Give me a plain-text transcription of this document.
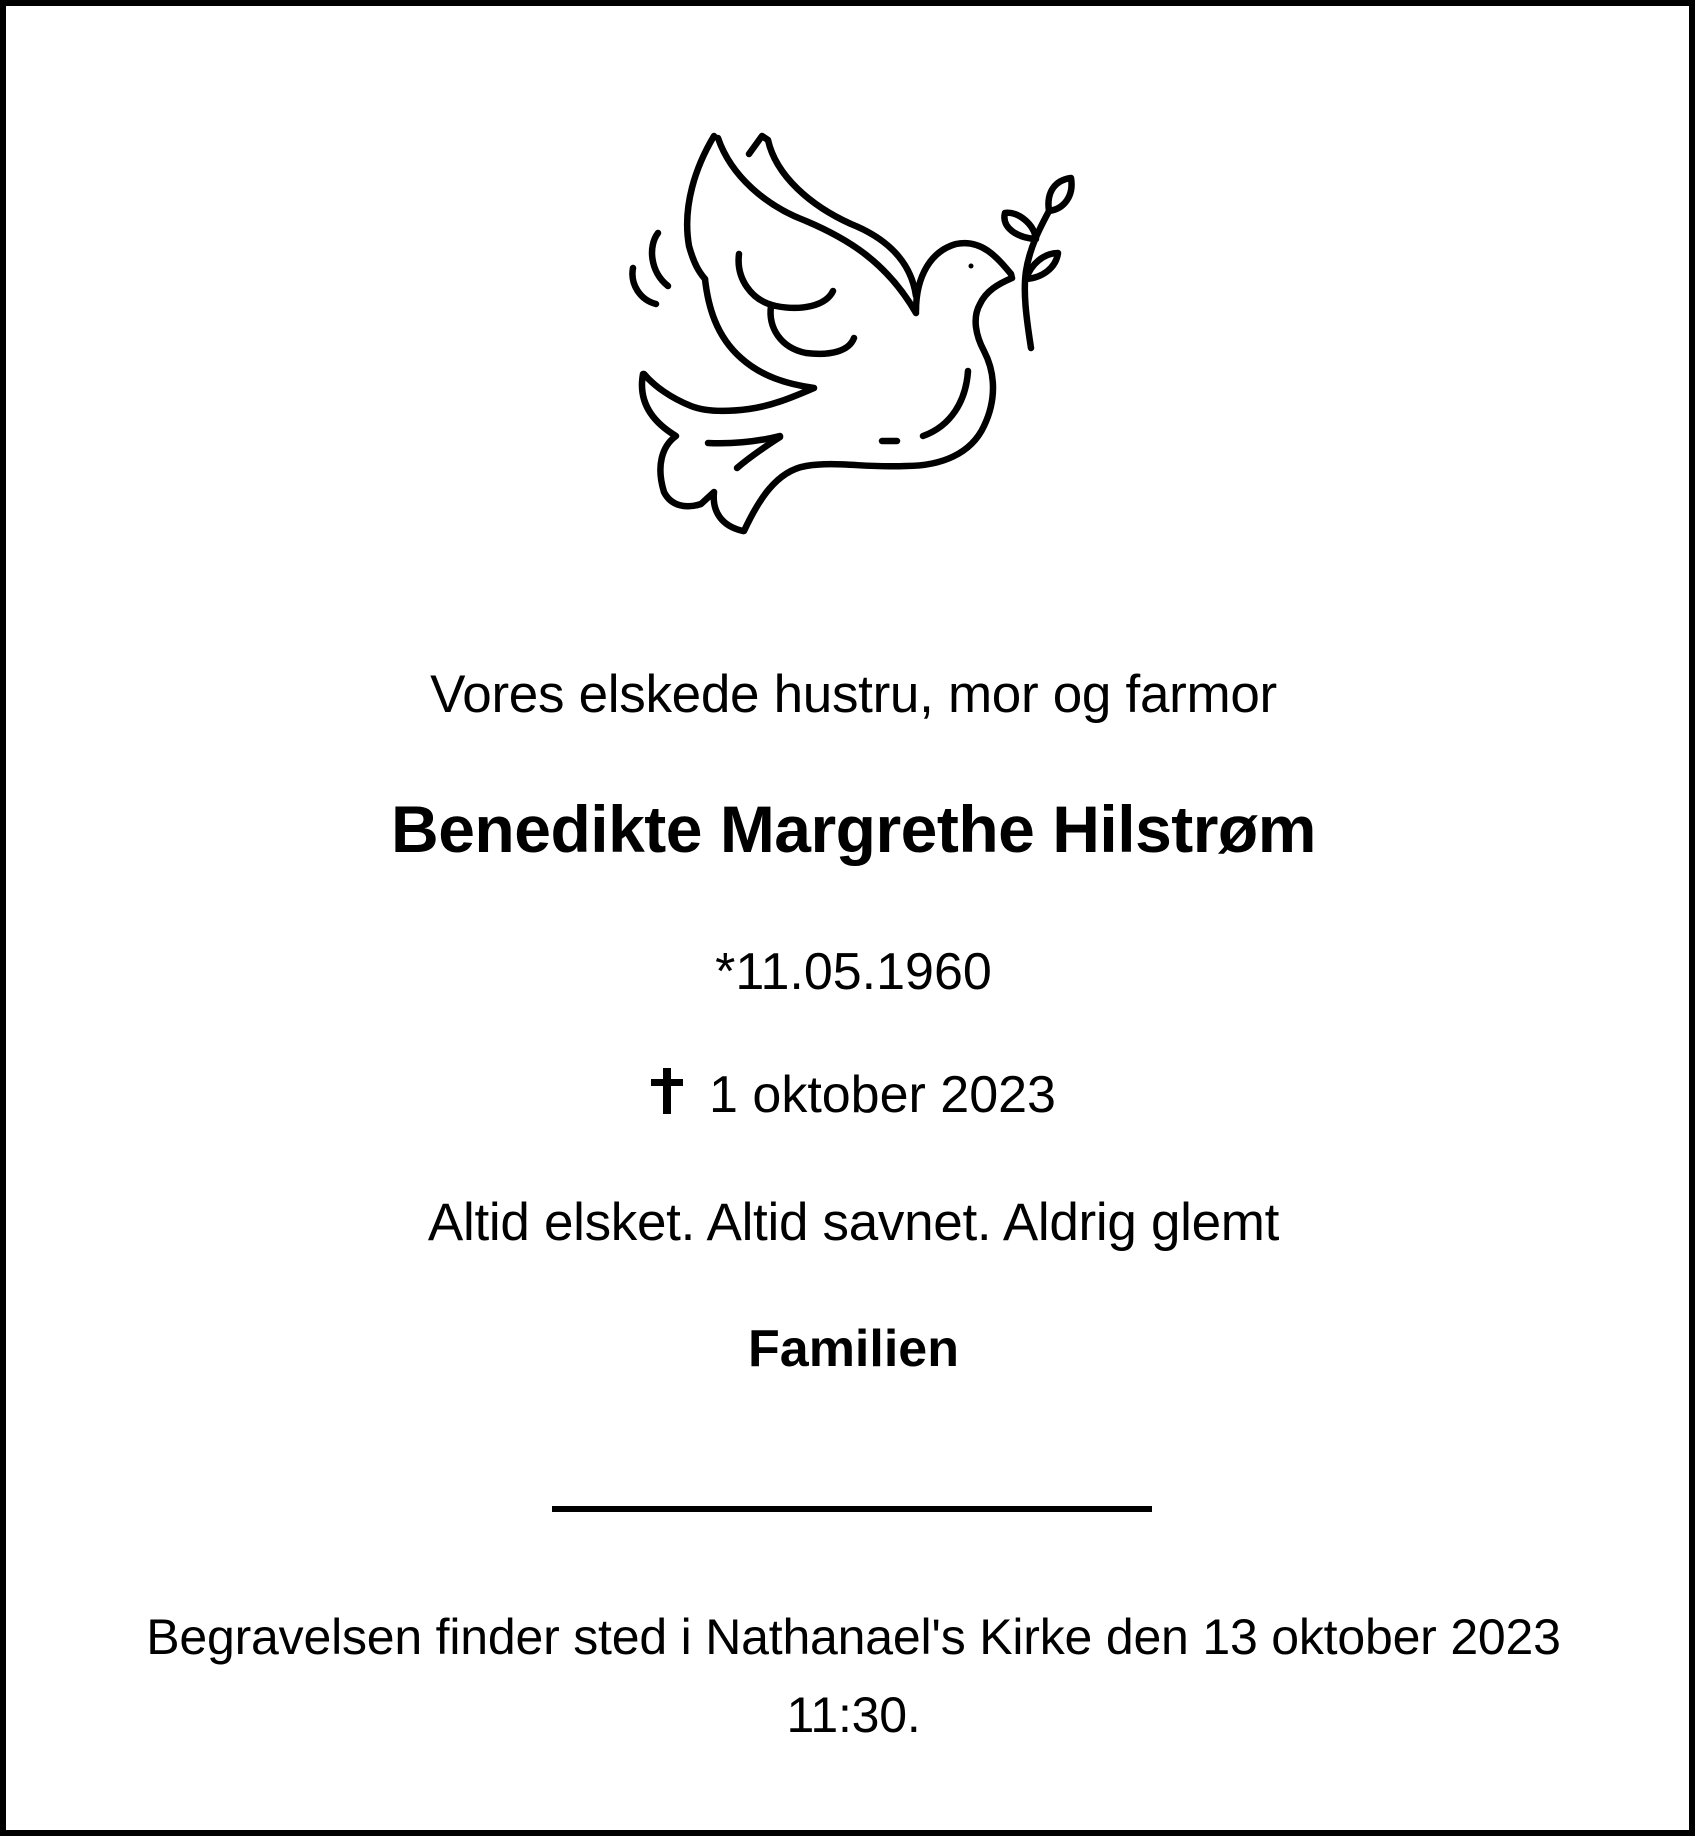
Vores elskede hustru, mor og farmor
Benedikte Margrethe Hilstrøm
*11.05.1960
1 oktober 2023
Altid elsket. Altid savnet. Aldrig glemt
Familien
Begravelsen finder sted i Nathanael's Kirke den 13 oktober 2023
11:30.
